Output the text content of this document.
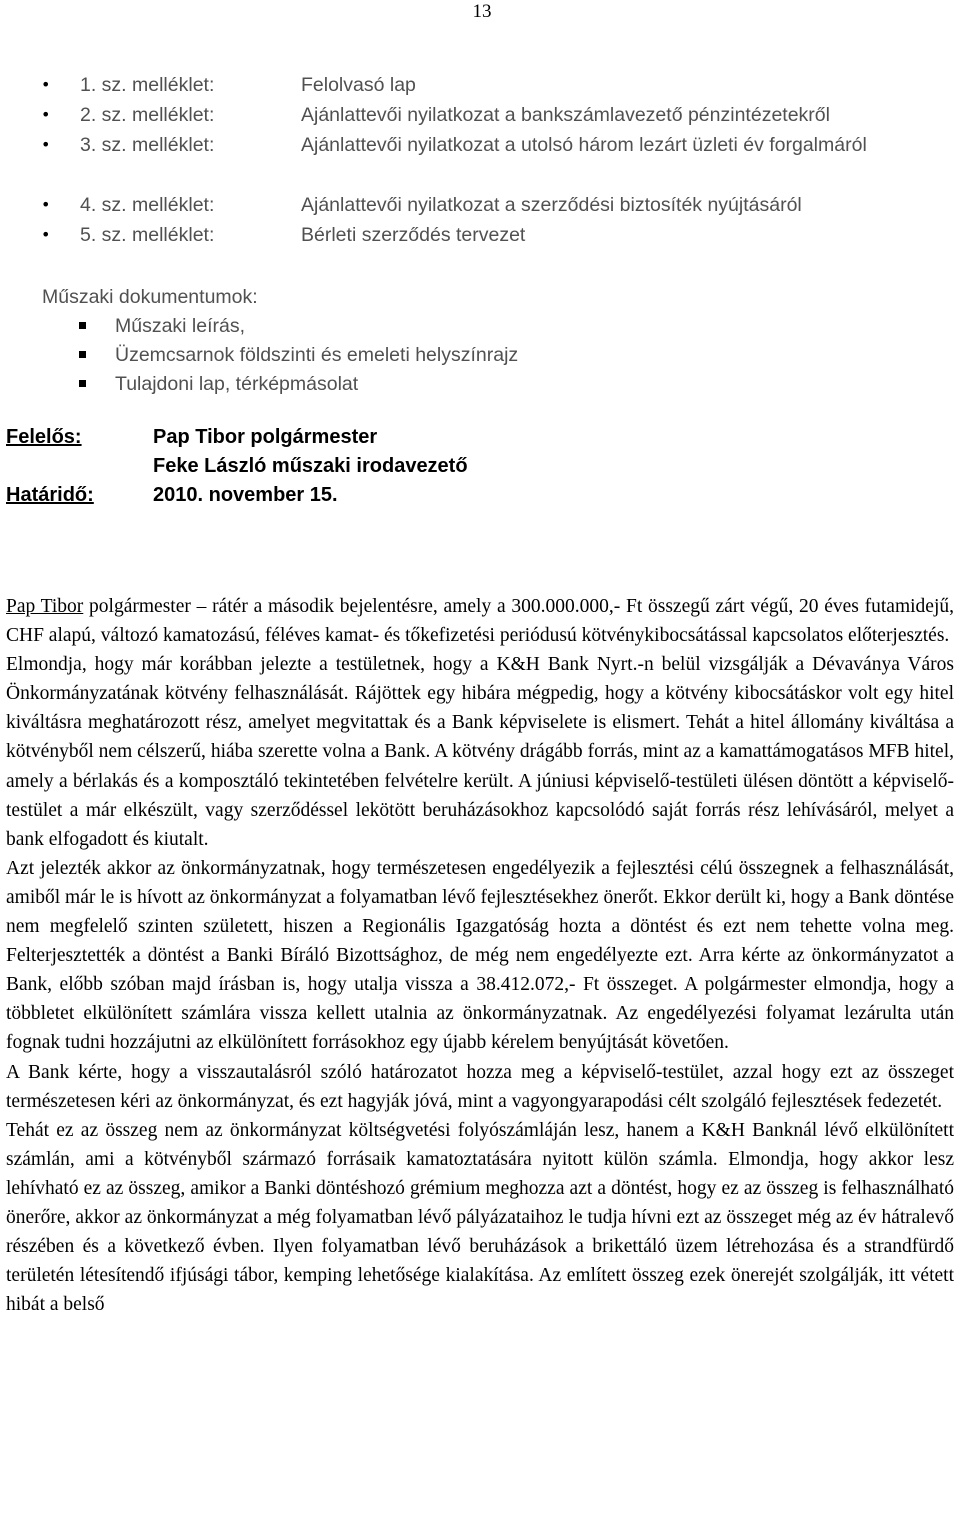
13
• 1. sz. melléklet:	Felolvasó lap
• 2. sz. melléklet:	Ajánlattevői nyilatkozat a bankszámlavezető pénzintézetekről
• 3. sz. melléklet:	Ajánlattevői nyilatkozat a utolsó három lezárt üzleti év forgalmáról
• 4. sz. melléklet:	Ajánlattevői nyilatkozat a szerződési biztosíték nyújtásáról
• 5. sz. melléklet:	Bérleti szerződés tervezet
Műszaki dokumentumok:
Műszaki leírás,
Üzemcsarnok földszinti és emeleti helyszínrajz
Tulajdoni lap, térképmásolat
Felelős:	Pap Tibor polgármester
Feke László műszaki irodavezető
Határidő:	2010. november 15.

Pap Tibor polgármester – rátér a második bejelentésre, amely a 300.000.000,- Ft összegű zárt végű, 20 éves futamidejű, CHF alapú, változó kamatozású, féléves kamat- és tőkefizetési periódusú kötvénykibocsátással kapcsolatos előterjesztés.

Elmondja, hogy már korábban jelezte a testületnek, hogy a K&H Bank Nyrt.-n belül vizsgálják a Dévaványa Város Önkormányzatának kötvény felhasználását. Rájöttek egy hibára mégpedig, hogy a kötvény kibocsátáskor volt egy hitel kiváltásra meghatározott rész, amelyet megvitattak és a Bank képviselete is elismert. Tehát a hitel állomány kiváltása a kötvényből nem célszerű, hiába szerette volna a Bank. A kötvény drágább forrás, mint az a kamattámogatásos MFB hitel, amely a bérlakás és a komposztáló tekintetében felvételre került. A júniusi képviselő-testületi ülésen döntött a képviselő-testület a már elkészült, vagy szerződéssel lekötött beruházásokhoz kapcsolódó saját forrás rész lehívásáról, melyet a bank elfogadott és kiutalt.

Azt jelezték akkor az önkormányzatnak, hogy természetesen engedélyezik a fejlesztési célú összegnek a felhasználását, amiből már le is hívott az önkormányzat a folyamatban lévő fejlesztésekhez önerőt. Ekkor derült ki, hogy a Bank döntése nem megfelelő szinten született, hiszen a Regionális Igazgatóság hozta a döntést és ezt nem tehette volna meg. Felterjesztették a döntést a Banki Bíráló Bizottsághoz, de még nem engedélyezte ezt. Arra kérte az önkormányzatot a Bank, előbb szóban majd írásban is, hogy utalja vissza a 38.412.072,- Ft összeget. A polgármester elmondja, hogy a többletet elkülönített számlára vissza kellett utalnia az önkormányzatnak. Az engedélyezési folyamat lezárulta után fognak tudni hozzájutni az elkülönített forrásokhoz egy újabb kérelem benyújtását követően.

A Bank kérte, hogy a visszautalásról szóló határozatot hozza meg a képviselő-testület, azzal hogy ezt az összeget természetesen kéri az önkormányzat, és ezt hagyják jóvá, mint a vagyongyarapodási célt szolgáló fejlesztések fedezetét.

Tehát ez az összeg nem az önkormányzat költségvetési folyószámláján lesz, hanem a K&H Banknál lévő elkülönített számlán, ami a kötvényből származó forrásaik kamatoztatására nyitott külön számla. Elmondja, hogy akkor lesz lehívható ez az összeg, amikor a Banki döntéshozó grémium meghozza azt a döntést, hogy ez az összeg is felhasználható önerőre, akkor az önkormányzat a még folyamatban lévő pályázataihoz le tudja hívni ezt az összeget még az év hátralevő részében és a következő évben. Ilyen folyamatban lévő beruházások a brikettáló üzem létrehozása és a strandfürdő területén létesítendő ifjúsági tábor, kemping lehetősége kialakítása. Az említett összeg ezek önerejét szolgálják, itt vétett hibát a belső
